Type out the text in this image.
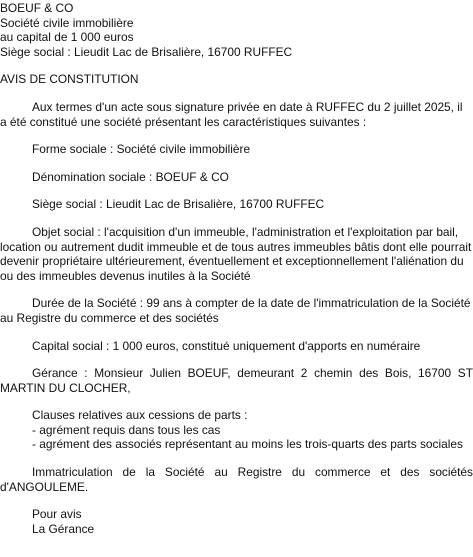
BOEUF & CO
Société civile immobilière
au capital de 1 000 euros
Siège social : Lieudit Lac de Brisalière, 16700 RUFFEC
AVIS DE CONSTITUTION
Aux termes d'un acte sous signature privée en date à RUFFEC du 2 juillet 2025, il
a été constitué une société présentant les caractéristiques suivantes :
Forme sociale : Société civile immobilière
Dénomination sociale : BOEUF & CO
Siège social : Lieudit Lac de Brisalière, 16700 RUFFEC
Objet social : l'acquisition d'un immeuble, l'administration et l'exploitation par bail,
location ou autrement dudit immeuble et de tous autres immeubles bâtis dont elle pourrait
devenir propriétaire ultérieurement, éventuellement et exceptionnellement l'aliénation du
ou des immeubles devenus inutiles à la Société
Durée de la Société : 99 ans à compter de la date de l'immatriculation de la Société
au Registre du commerce et des sociétés
Capital social : 1 000 euros, constitué uniquement d'apports en numéraire
Gérance : Monsieur Julien BOEUF, demeurant 2 chemin des Bois, 16700 ST
MARTIN DU CLOCHER,
Clauses relatives aux cessions de parts :
- agrément requis dans tous les cas
- agrément des associés représentant au moins les trois-quarts des parts sociales
Immatriculation de la Société au Registre du commerce et des sociétés
d'ANGOULEME.
Pour avis
La Gérance
